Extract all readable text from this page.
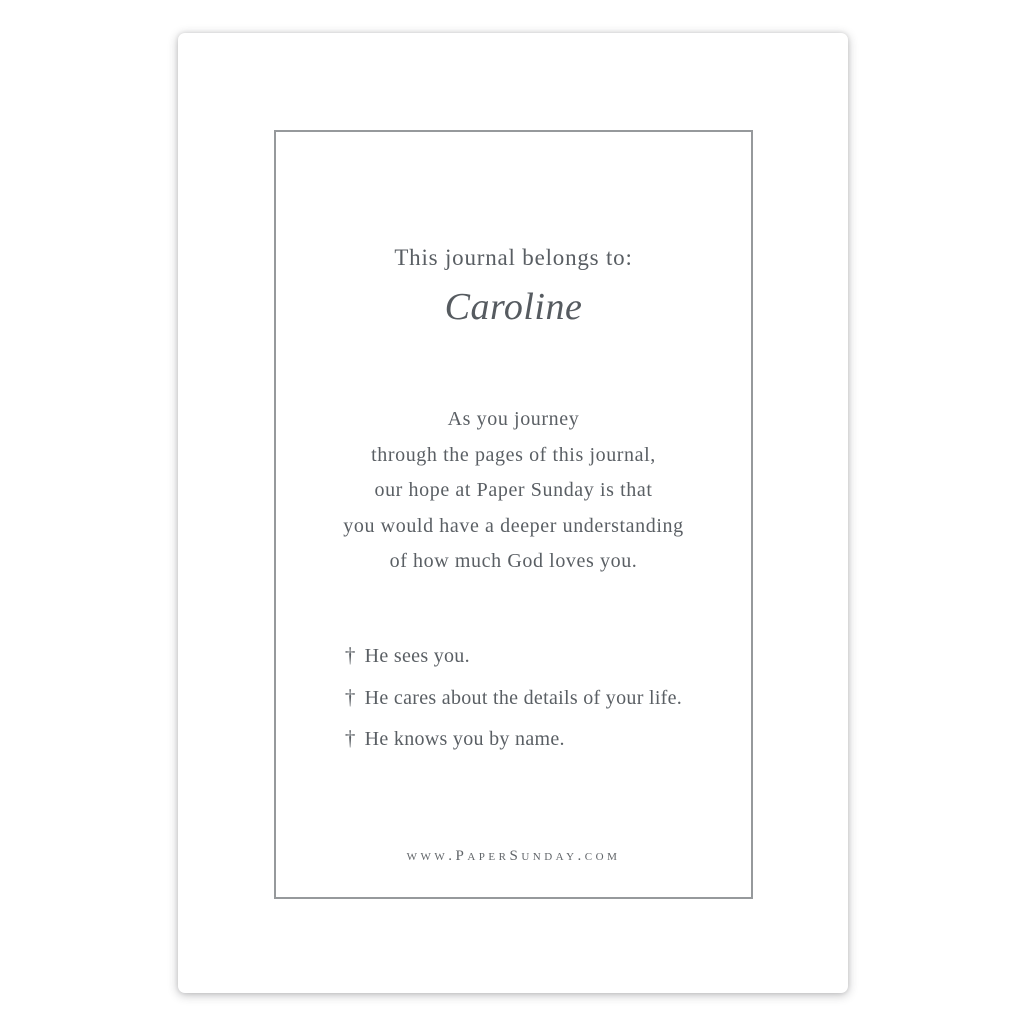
This journal belongs to:
Caroline
As you journey
through the pages of this journal,
our hope at Paper Sunday is that
you would have a deeper understanding
of how much God loves you.
† He sees you.
† He cares about the details of your life.
† He knows you by name.
www.PaperSunday.com
